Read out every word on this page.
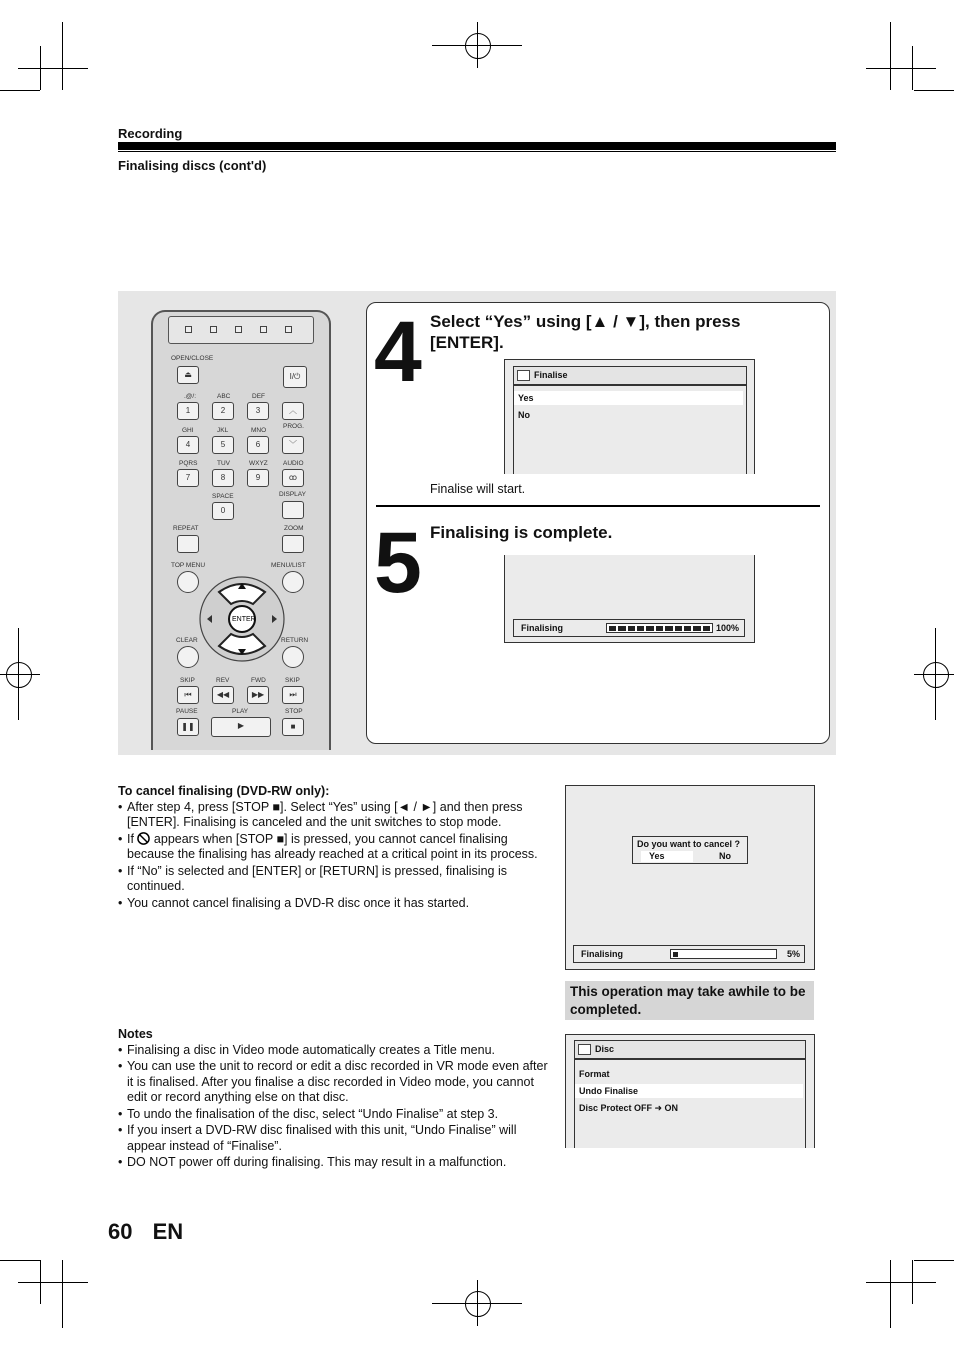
Recording
Finalising discs (cont'd)
OPEN/CLOSE
⏏	I/⏻
.@/:
1
ABC
2
DEF
3
GHI
4
JKL
5
MNO
6
PQRS
7
TUV
8
WXYZ
9
SPACE
0
︿
PROG.
﹀
AUDIO
ꝏ
DISPLAY
REPEAT	ZOOM
TOP MENU	MENU/LIST
ENTER
CLEAR	RETURN
SKIP
⏮
REV
◀◀
FWD
▶▶
SKIP
⏭
PAUSE
❚❚
PLAY
▶
STOP
■
4 Select “Yes” using [▲ / ▼], then press [ENTER].
Finalise
Yes
No
Finalise will start.
5 Finalising is complete.
Finalising	100%
To cancel finalising (DVD-RW only):
• After step 4, press [STOP ■]. Select “Yes” using [◄ / ►] and then press [ENTER]. Finalising is canceled and the unit switches to stop mode.
• If appears when [STOP ■] is pressed, you cannot cancel finalising because the finalising has already reached at a critical point in its process.
• If “No” is selected and [ENTER] or [RETURN] is pressed, finalising is continued.
• You cannot cancel finalising a DVD-R disc once it has started.
Do you want to cancel ?
Yes	No
Finalising	5%
This operation may take awhile to be completed.
Notes
• Finalising a disc in Video mode automatically creates a Title menu.
• You can use the unit to record or edit a disc recorded in VR mode even after it is finalised. After you finalise a disc recorded in Video mode, you cannot edit or record anything else on that disc.
• To undo the finalisation of the disc, select “Undo Finalise” at step 3.
• If you insert a DVD-RW disc finalised with this unit, “Undo Finalise” will appear instead of “Finalise”.
• DO NOT power off during finalising. This may result in a malfunction.
Disc
Format
Undo Finalise
Disc Protect OFF ➜ ON
60 EN
